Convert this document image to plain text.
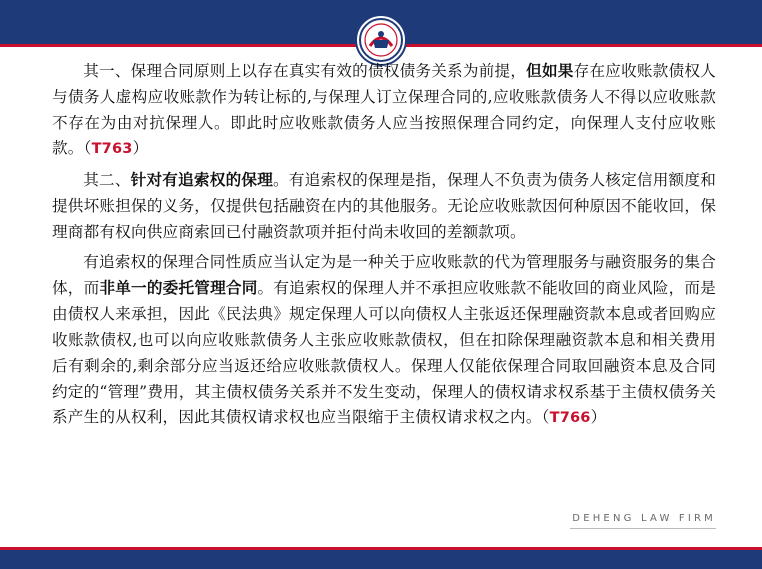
其一、保理合同原则上以存在真实有效的债权债务关系为前提，但如果存在应收账款债权人与债务人虚构应收账款作为转让标的,与保理人订立保理合同的,应收账款债务人不得以应收账款不存在为由对抗保理人。即此时应收账款债务人应当按照保理合同约定，向保理人支付应收账款。（T763）

其二、针对有追索权的保理。有追索权的保理是指，保理人不负责为债务人核定信用额度和提供坏账担保的义务，仅提供包括融资在内的其他服务。无论应收账款因何种原因不能收回，保理商都有权向供应商索回已付融资款项并拒付尚未收回的差额款项。

有追索权的保理合同性质应当认定为是一种关于应收账款的代为管理服务与融资服务的集合体，而非单一的委托管理合同。有追索权的保理人并不承担应收账款不能收回的商业风险，而是由债权人来承担，因此《民法典》规定保理人可以向债权人主张返还保理融资款本息或者回购应收账款债权,也可以向应收账款债务人主张应收账款债权，但在扣除保理融资款本息和相关费用后有剩余的,剩余部分应当返还给应收账款债权人。保理人仅能依保理合同取回融资本息及合同约定的“管理”费用，其主债权债务关系并不发生变动，保理人的债权请求权系基于主债权债务关系产生的从权利，因此其债权请求权也应当限缩于主债权请求权之内。（T766）

DEHENG LAW FIRM
